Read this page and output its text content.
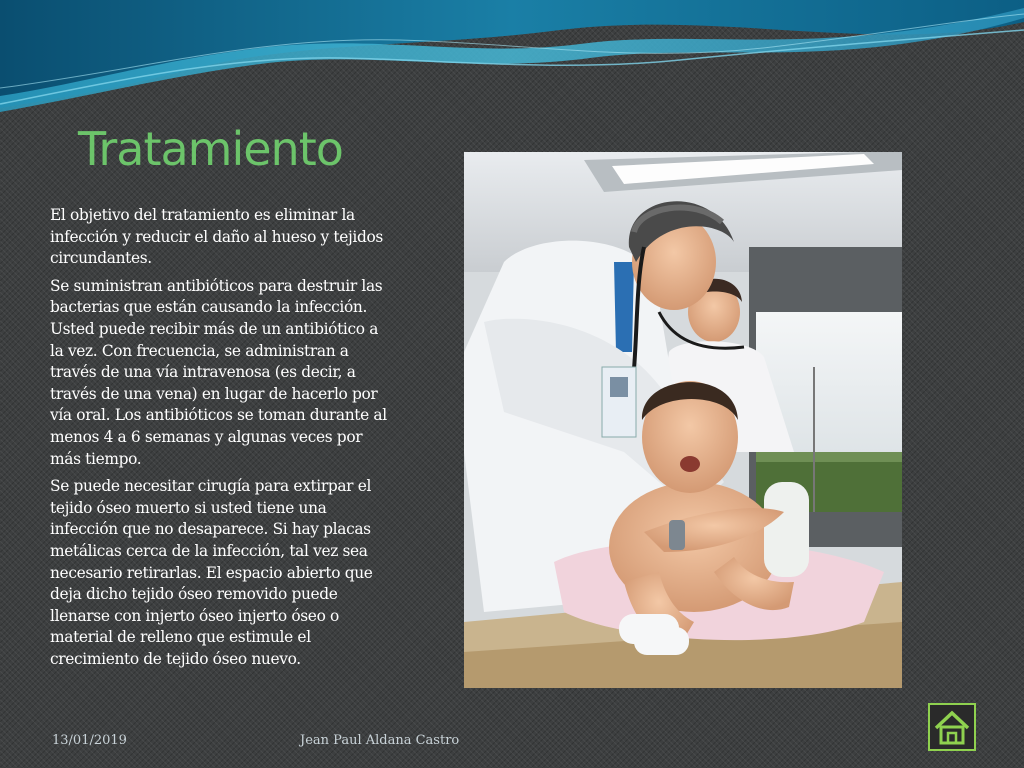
Tratamiento

El objetivo del tratamiento es eliminar la infección y reducir el daño al hueso y tejidos circundantes.

Se suministran antibióticos para destruir las bacterias que están causando la infección. Usted puede recibir más de un antibiótico a la vez. Con frecuencia, se administran a través de una vía intravenosa (es decir, a través de una vena) en lugar de hacerlo por vía oral. Los antibióticos se toman durante al menos 4 a 6 semanas y algunas veces por más tiempo.

Se puede necesitar cirugía para extirpar el tejido óseo muerto si usted tiene una infección que no desaparece. Si hay placas metálicas cerca de la infección, tal vez sea necesario retirarlas. El espacio abierto que deja dicho tejido óseo removido puede llenarse con injerto óseo injerto óseo o material de relleno que estimule el crecimiento de tejido óseo nuevo.

13/01/2019	Jean Paul Aldana Castro
